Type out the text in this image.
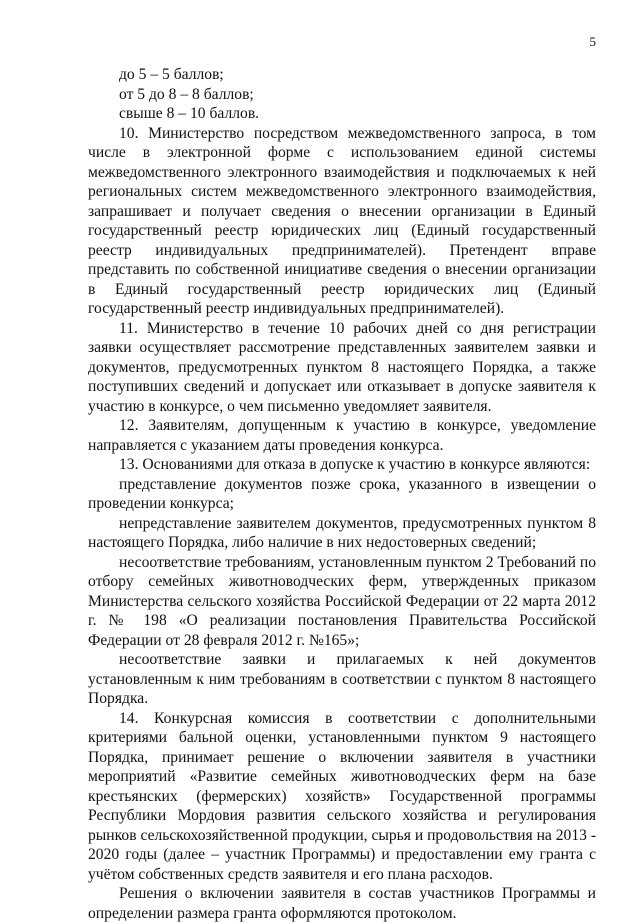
5

до 5 – 5 баллов;

от 5 до 8 – 8 баллов;

свыше 8 – 10 баллов.

10. Министерство посредством межведомственного запроса, в том числе в электронной форме с использованием единой системы межведомственного электронного взаимодействия и подключаемых к ней региональных систем межведомственного электронного взаимодействия, запрашивает и получает сведения о внесении организации в Единый государственный реестр юридических лиц (Единый государственный реестр индивидуальных предпринимателей). Претендент вправе представить по собственной инициативе сведения о внесении организации в Единый государственный реестр юридических лиц (Единый государственный реестр индивидуальных предпринимателей).

11. Министерство в течение 10 рабочих дней со дня регистрации заявки осуществляет рассмотрение представленных заявителем заявки и документов, предусмотренных пунктом 8 настоящего Порядка, а также поступивших сведений и допускает или отказывает в допуске заявителя к участию в конкурсе, о чем письменно уведомляет заявителя.

12. Заявителям, допущенным к участию в конкурсе, уведомление направляется с указанием даты проведения конкурса.

13. Основаниями для отказа в допуске к участию в конкурсе являются:

представление документов позже срока, указанного в извещении о проведении конкурса;

непредставление заявителем документов, предусмотренных пунктом 8 настоящего Порядка, либо наличие в них недостоверных сведений;

несоответствие требованиям, установленным пунктом 2 Требований по отбору семейных животноводческих ферм, утвержденных приказом Министерства сельского хозяйства Российской Федерации от 22 марта 2012 г. № 198 «О реализации постановления Правительства Российской Федерации от 28 февраля 2012 г. №165»;

несоответствие заявки и прилагаемых к ней документов установленным к ним требованиям в соответствии с пунктом 8 настоящего Порядка.

14. Конкурсная комиссия в соответствии с дополнительными критериями бальной оценки, установленными пунктом 9 настоящего Порядка, принимает решение о включении заявителя в участники мероприятий «Развитие семейных животноводческих ферм на базе крестьянских (фермерских) хозяйств» Государственной программы Республики Мордовия развития сельского хозяйства и регулирования рынков сельскохозяйственной продукции, сырья и продовольствия на 2013 - 2020 годы (далее – участник Программы) и предоставлении ему гранта с учётом собственных средств заявителя и его плана расходов.

Решения о включении заявителя в состав участников Программы и определении размера гранта оформляются протоколом.
